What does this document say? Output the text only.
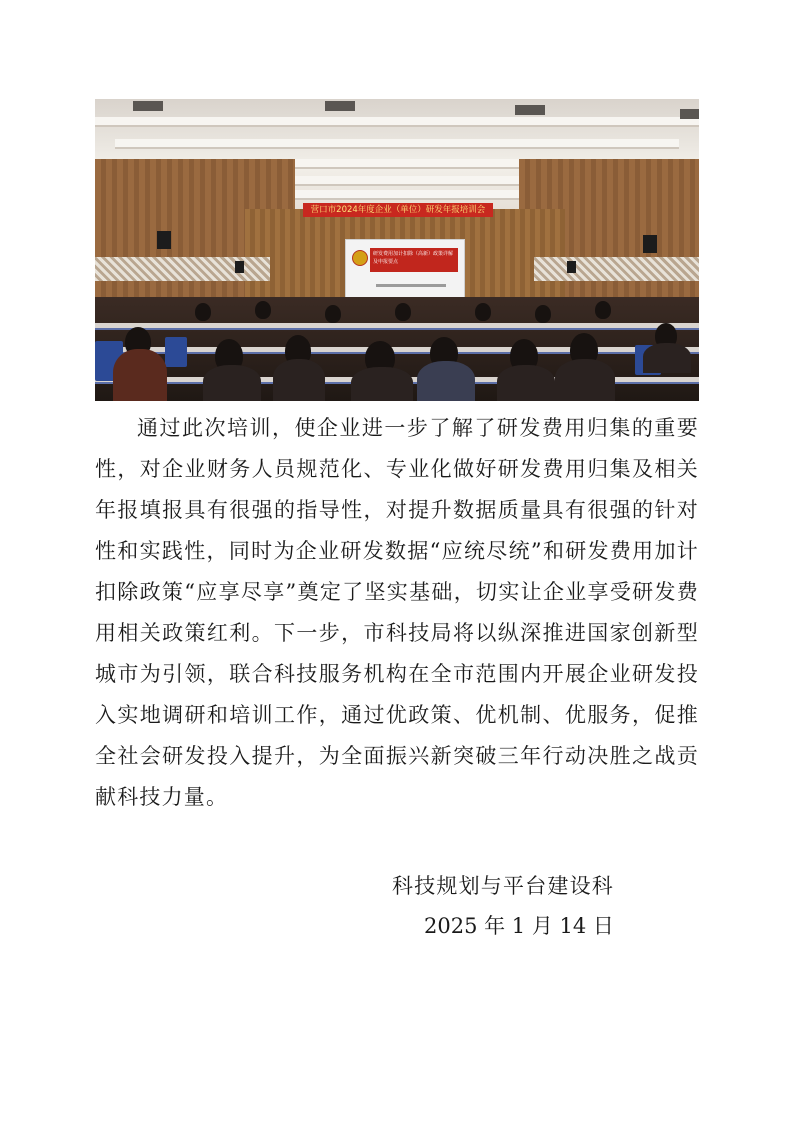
营口市2024年度企业（单位）研发年报培训会
研发费用加计扣除（高新）政策详解及申报要点

通过此次培训，使企业进一步了解了研发费用归集的重要性，对企业财务人员规范化、专业化做好研发费用归集及相关年报填报具有很强的指导性，对提升数据质量具有很强的针对性和实践性，同时为企业研发数据“应统尽统”和研发费用加计扣除政策“应享尽享”奠定了坚实基础，切实让企业享受研发费用相关政策红利。下一步，市科技局将以纵深推进国家创新型城市为引领，联合科技服务机构在全市范围内开展企业研发投入实地调研和培训工作，通过优政策、优机制、优服务，促推全社会研发投入提升，为全面振兴新突破三年行动决胜之战贡献科技力量。

科技规划与平台建设科
2025 年 1 月 14 日
